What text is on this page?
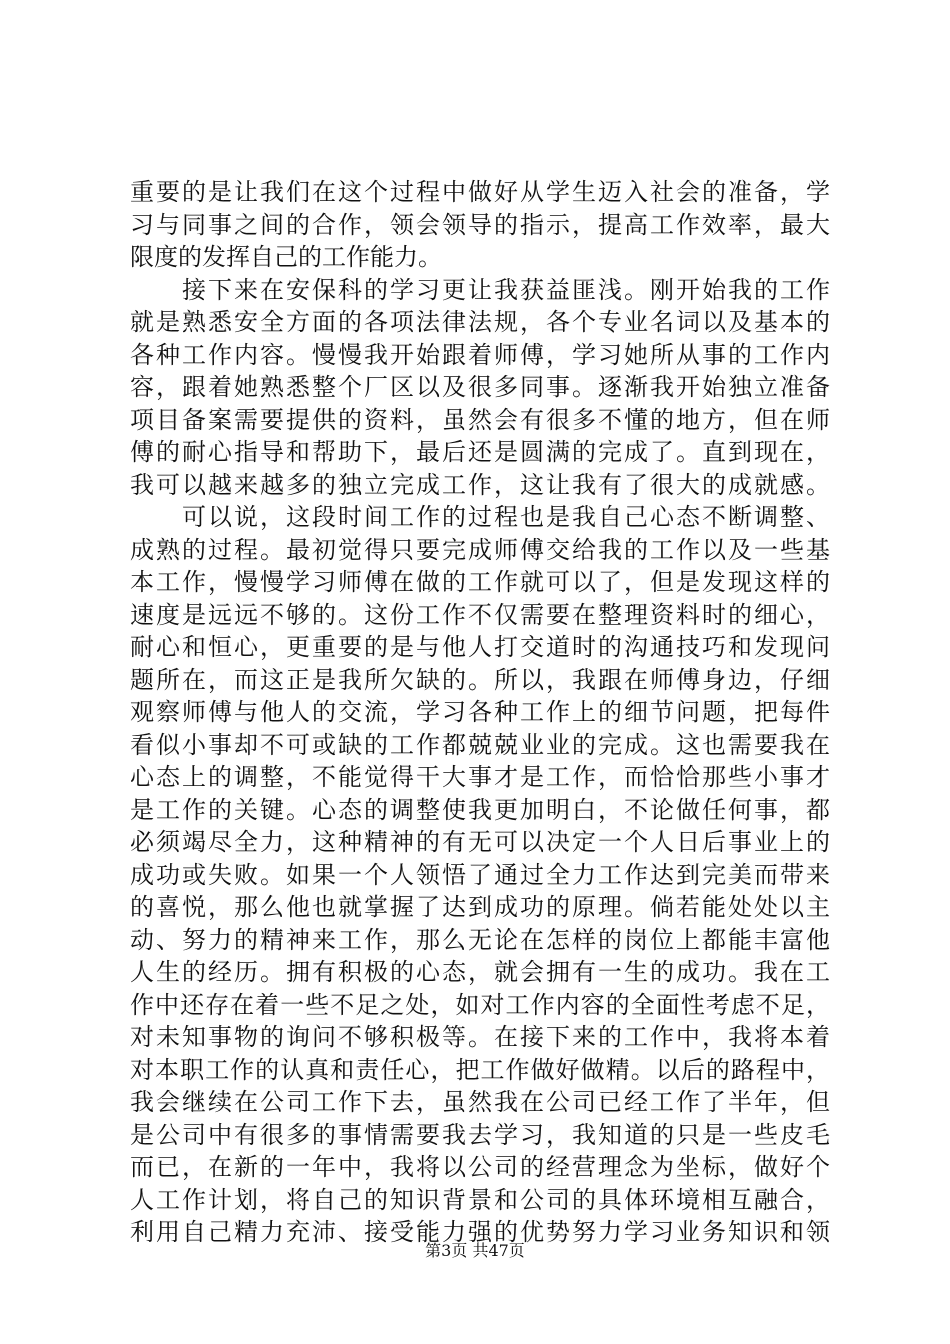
重要的是让我们在这个过程中做好从学生迈入社会的准备，学
习与同事之间的合作，领会领导的指示，提高工作效率，最大
限度的发挥自己的工作能力。
　　接下来在安保科的学习更让我获益匪浅。刚开始我的工作
就是熟悉安全方面的各项法律法规，各个专业名词以及基本的
各种工作内容。慢慢我开始跟着师傅，学习她所从事的工作内
容，跟着她熟悉整个厂区以及很多同事。逐渐我开始独立准备
项目备案需要提供的资料，虽然会有很多不懂的地方，但在师
傅的耐心指导和帮助下，最后还是圆满的完成了。直到现在，
我可以越来越多的独立完成工作，这让我有了很大的成就感。
　　可以说，这段时间工作的过程也是我自己心态不断调整、
成熟的过程。最初觉得只要完成师傅交给我的工作以及一些基
本工作，慢慢学习师傅在做的工作就可以了，但是发现这样的
速度是远远不够的。这份工作不仅需要在整理资料时的细心，
耐心和恒心，更重要的是与他人打交道时的沟通技巧和发现问
题所在，而这正是我所欠缺的。所以，我跟在师傅身边，仔细
观察师傅与他人的交流，学习各种工作上的细节问题，把每件
看似小事却不可或缺的工作都兢兢业业的完成。这也需要我在
心态上的调整，不能觉得干大事才是工作，而恰恰那些小事才
是工作的关键。心态的调整使我更加明白，不论做任何事，都
必须竭尽全力，这种精神的有无可以决定一个人日后事业上的
成功或失败。如果一个人领悟了通过全力工作达到完美而带来
的喜悦，那么他也就掌握了达到成功的原理。倘若能处处以主
动、努力的精神来工作，那么无论在怎样的岗位上都能丰富他
人生的经历。拥有积极的心态，就会拥有一生的成功。我在工
作中还存在着一些不足之处，如对工作内容的全面性考虑不足，
对未知事物的询问不够积极等。在接下来的工作中，我将本着
对本职工作的认真和责任心，把工作做好做精。以后的路程中，
我会继续在公司工作下去，虽然我在公司已经工作了半年，但
是公司中有很多的事情需要我去学习，我知道的只是一些皮毛
而已，在新的一年中，我将以公司的经营理念为坐标，做好个
人工作计划，将自己的知识背景和公司的具体环境相互融合，
利用自己精力充沛、接受能力强的优势努力学习业务知识和领
第3页 共47页
